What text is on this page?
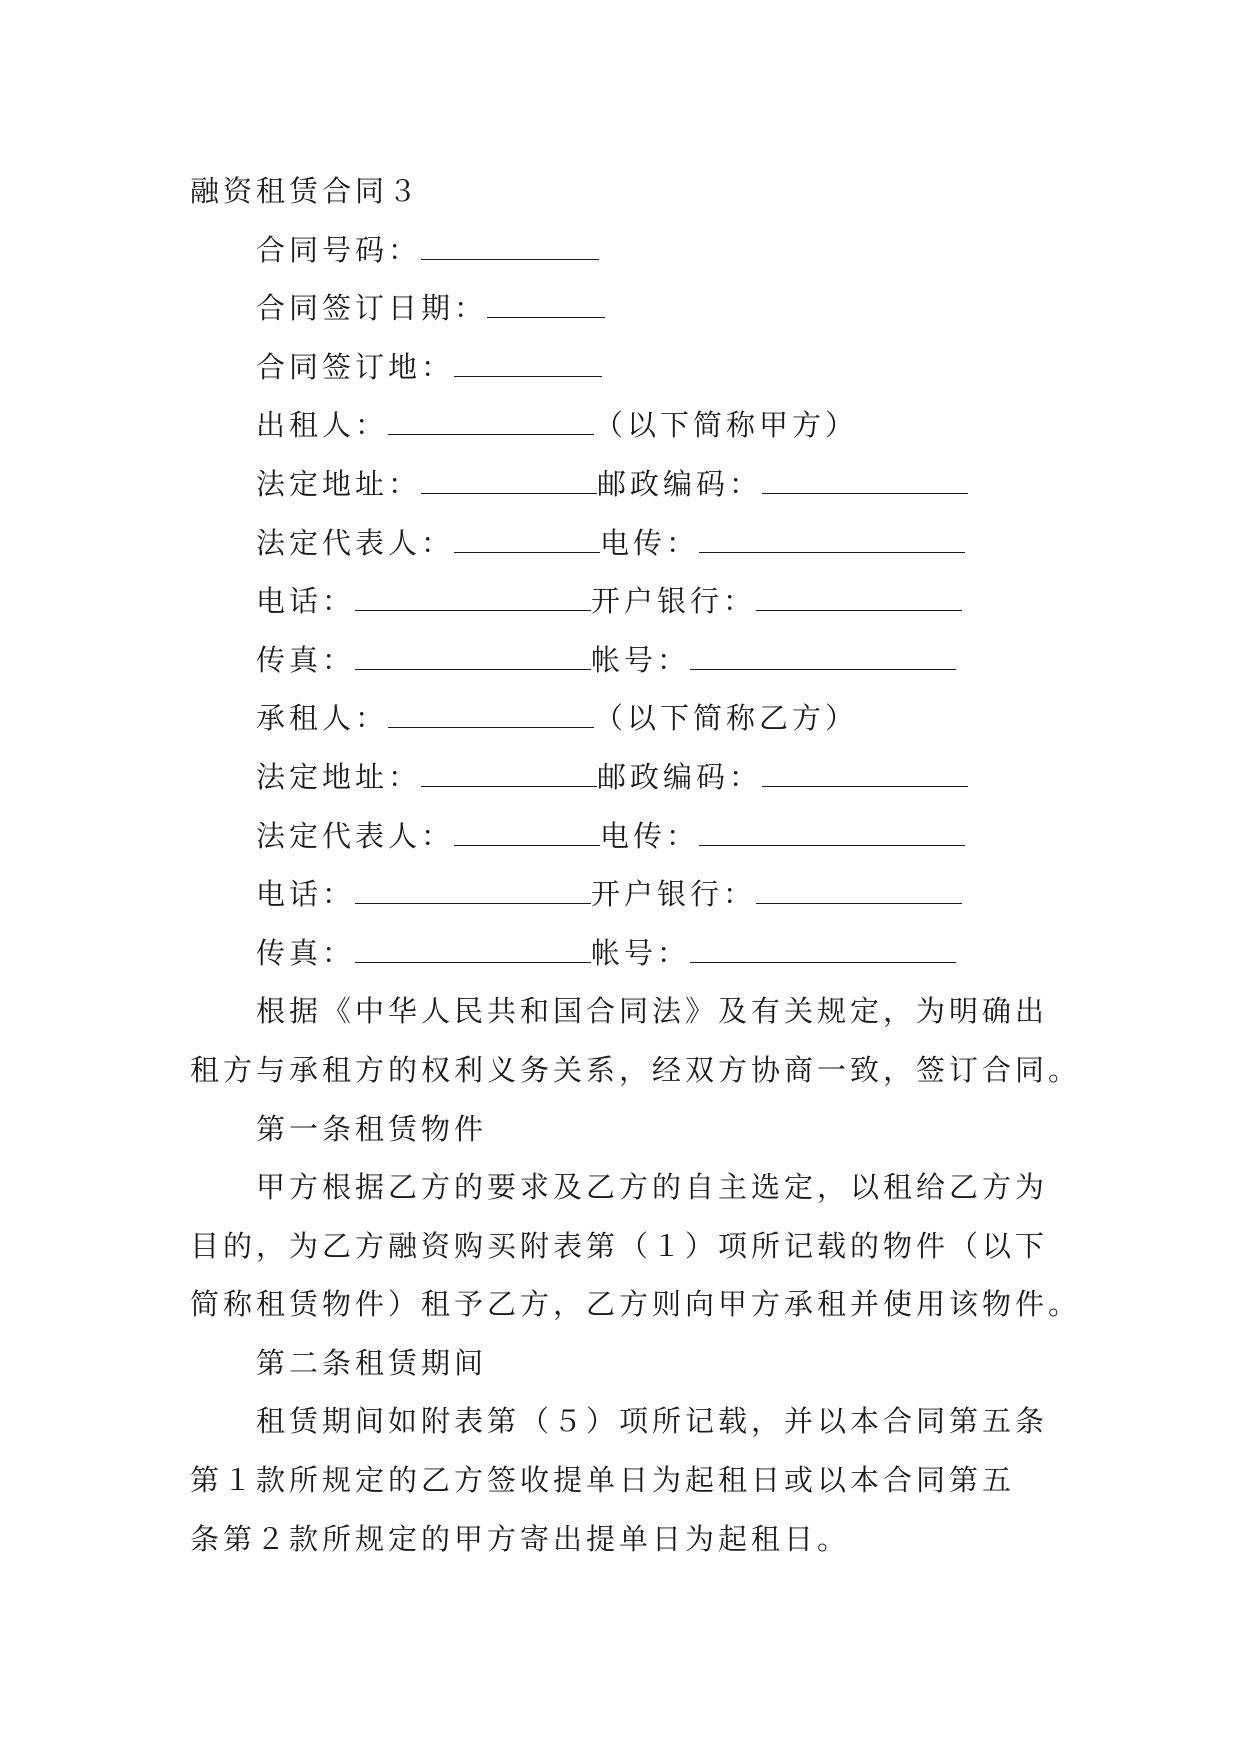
融资租赁合同３
合同号码：
合同签订日期：
合同签订地：
出租人：	（以下简称甲方）
法定地址：	邮政编码：
法定代表人：	电传：
电话：	开户银行：
传真：	帐号：
承租人：	（以下简称乙方）
法定地址：	邮政编码：
法定代表人：	电传：
电话：	开户银行：
传真：	帐号：
根据《中华人民共和国合同法》及有关规定，为明确出
租方与承租方的权利义务关系，经双方协商一致，签订合同。
第一条租赁物件
甲方根据乙方的要求及乙方的自主选定，以租给乙方为
目的，为乙方融资购买附表第（１）项所记载的物件（以下
简称租赁物件）租予乙方，乙方则向甲方承租并使用该物件。
第二条租赁期间
租赁期间如附表第（５）项所记载，并以本合同第五条
第１款所规定的乙方签收提单日为起租日或以本合同第五
条第２款所规定的甲方寄出提单日为起租日。
